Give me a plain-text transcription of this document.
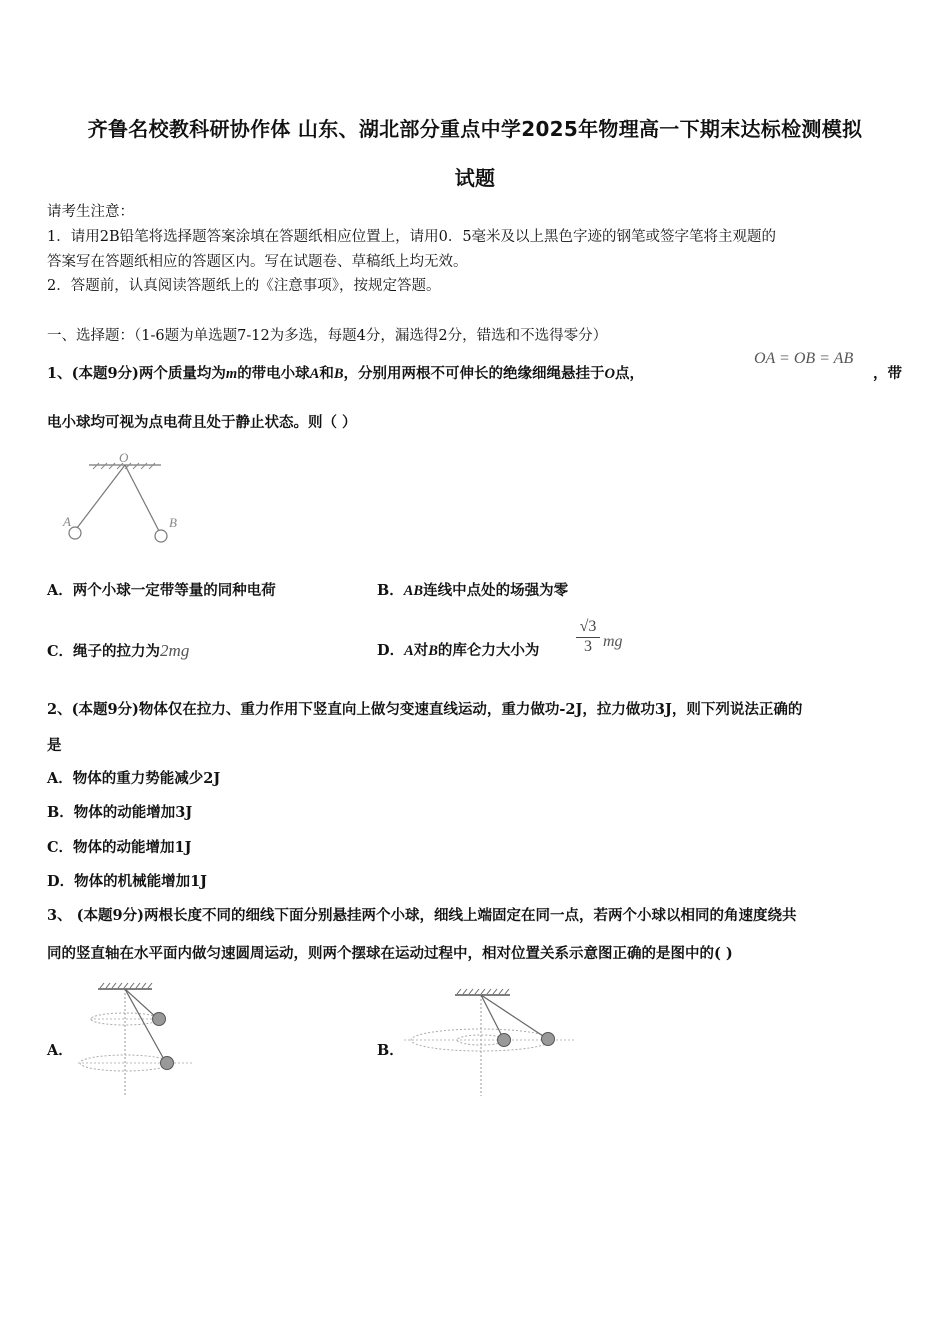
齐鲁名校教科研协作体 山东、湖北部分重点中学2025年物理高一下期末达标检测模拟
试题
请考生注意：
1．请用2B铅笔将选择题答案涂填在答题纸相应位置上，请用0．5毫米及以上黑色字迹的钢笔或签字笔将主观题的
答案写在答题纸相应的答题区内。写在试题卷、草稿纸上均无效。
2．答题前，认真阅读答题纸上的《注意事项》，按规定答题。
一、选择题：（1-6题为单选题7-12为多选，每题4分，漏选得2分，错选和不选得零分）
1、(本题9分)两个质量均为m的带电小球A和B，分别用两根不可伸长的绝缘细绳悬挂于O点，
OA = OB = AB
，带
电小球均可视为点电荷且处于静止状态。则（ ）
O
A	B
A．两个小球一定带等量的同种电荷	B．AB连线中点处的场强为零
C．绳子的拉力为2mg	D．A对B的库仑力大小为 $\frac{√3}{3}$ mg
2、(本题9分)物体仅在拉力、重力作用下竖直向上做匀变速直线运动，重力做功-2J，拉力做功3J，则下列说法正确的
是
A．物体的重力势能减少2J
B．物体的动能增加3J
C．物体的动能增加1J
D．物体的机械能增加1J
3、 (本题9分)两根长度不同的细线下面分别悬挂两个小球，细线上端固定在同一点，若两个小球以相同的角速度绕共
同的竖直轴在水平面内做匀速圆周运动，则两个摆球在运动过程中，相对位置关系示意图正确的是图中的( )
A．	B．
